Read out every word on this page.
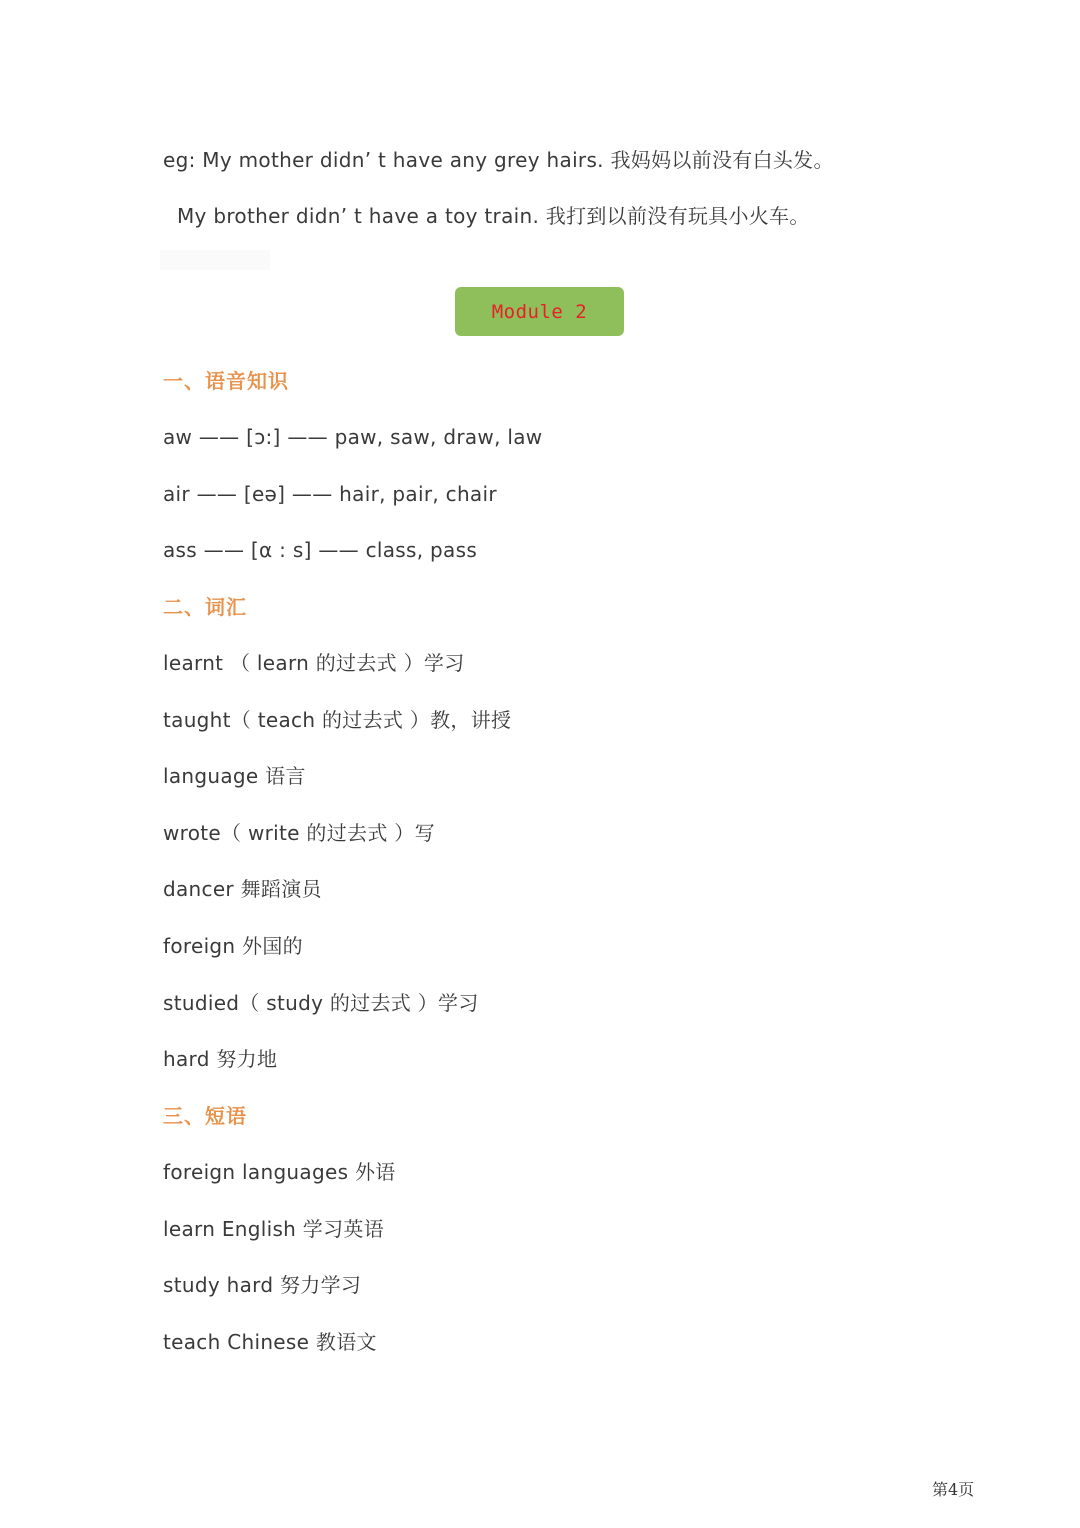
eg: My mother didn’ t have any grey hairs. 我妈妈以前没有白头发。
My brother didn’ t have a toy train. 我打到以前没有玩具小火车。
Module 2
一、语音知识
aw —— [ɔ:] —— paw, saw, draw, law
air —— [eə] —— hair, pair, chair
ass —— [α : s] —— class, pass
二、词汇
learnt （ learn 的过去式 ）学习
taught（ teach 的过去式 ）教，讲授
language 语言
wrote（ write 的过去式 ）写
dancer 舞蹈演员
foreign 外国的
studied（ study 的过去式 ）学习
hard 努力地
三、短语
foreign languages 外语
learn English 学习英语
study hard 努力学习
teach Chinese 教语文
第4页
